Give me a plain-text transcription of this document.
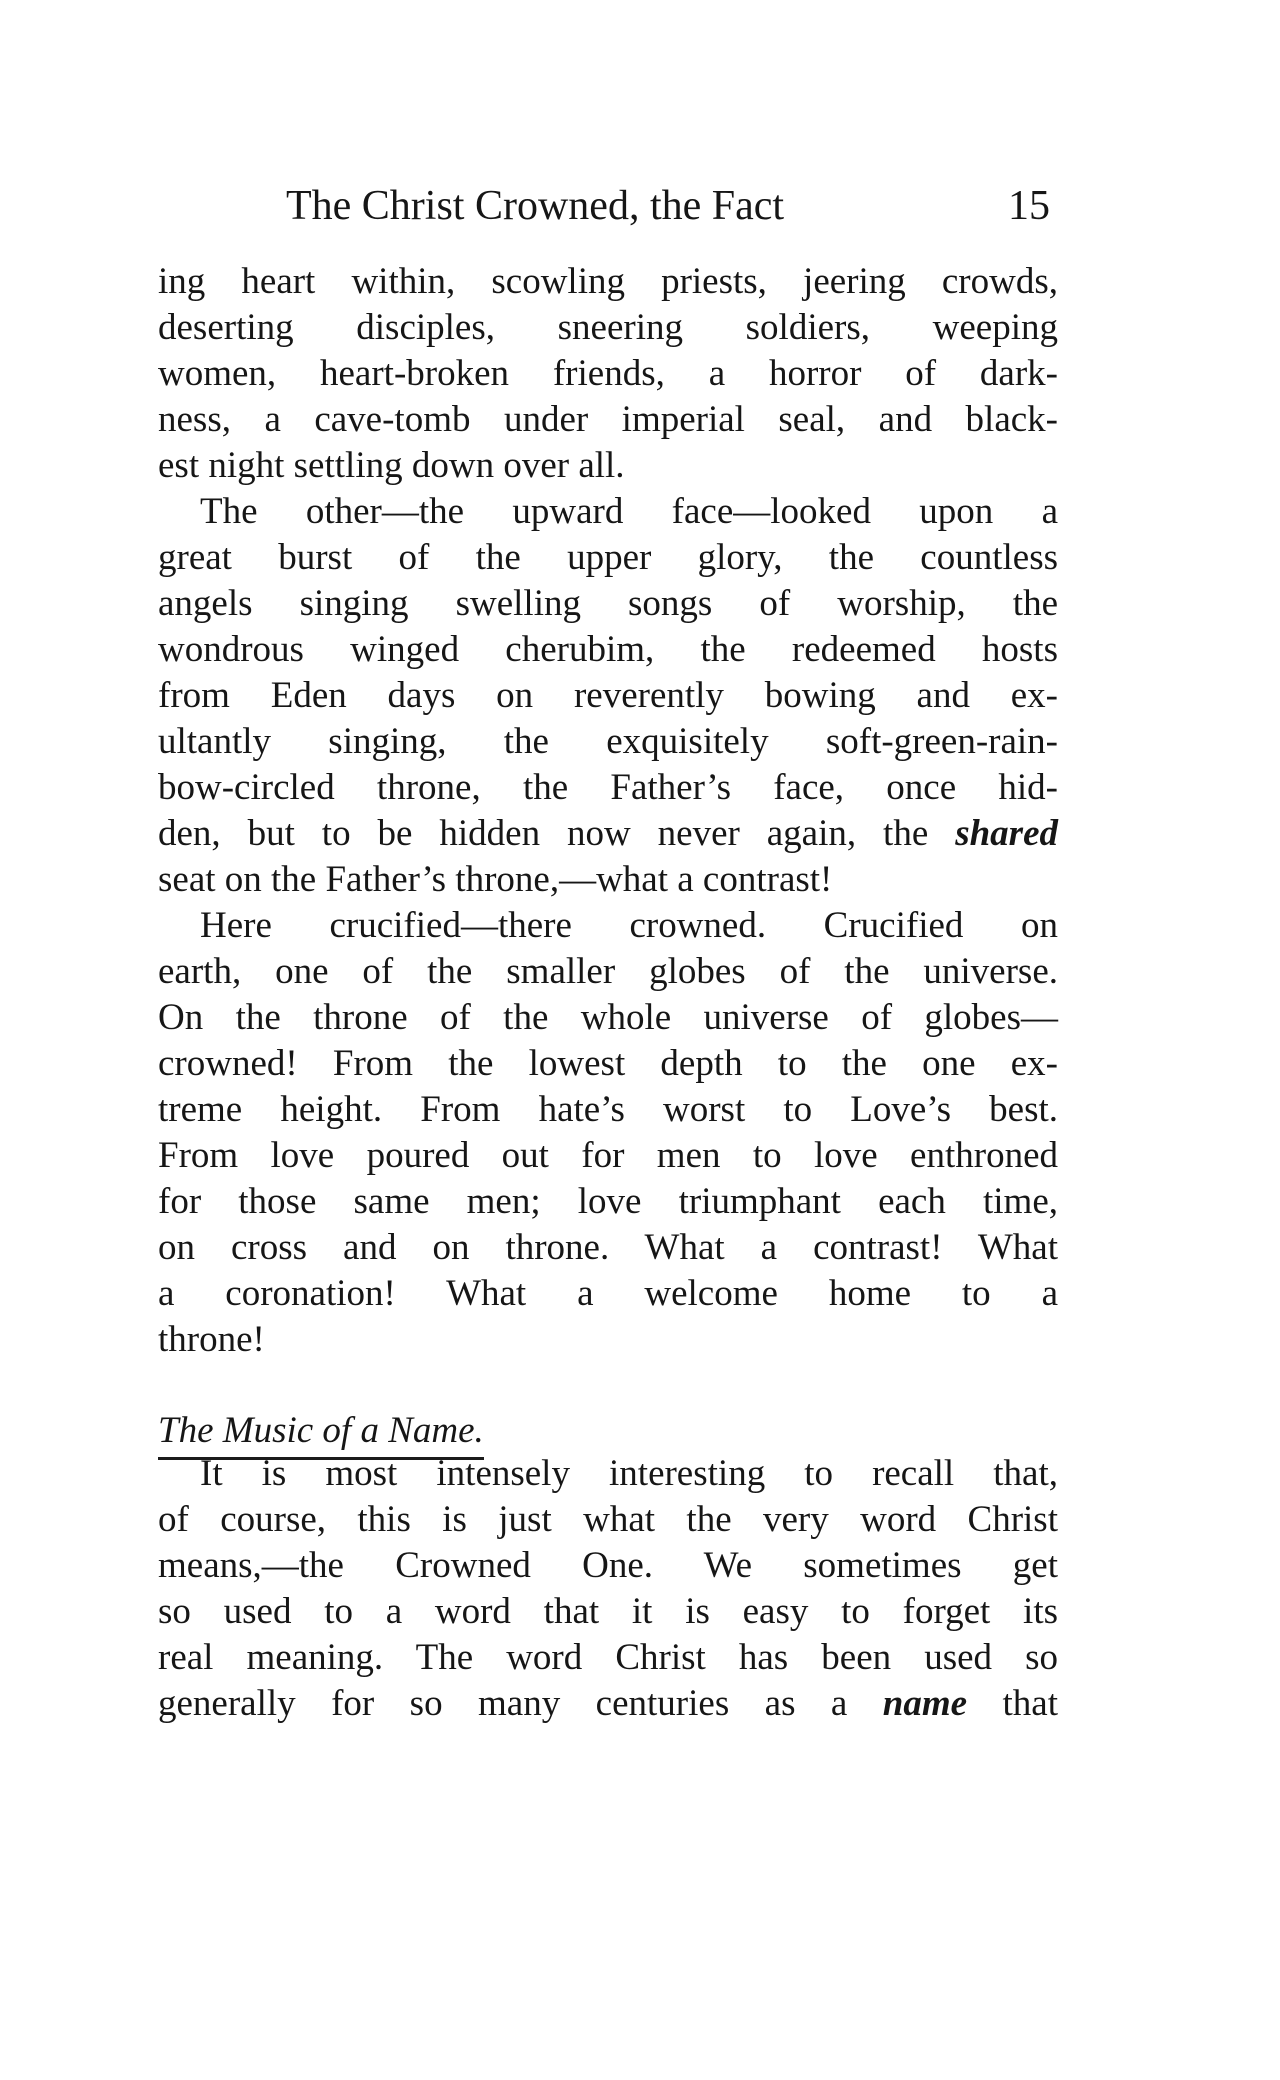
The Christ Crowned, the Fact	15
ing heart within, scowling priests, jeering crowds,
deserting disciples, sneering soldiers, weeping
women, heart-broken friends, a horror of dark-
ness, a cave-tomb under imperial seal, and black-
est night settling down over all.
The other—the upward face—looked upon a
great burst of the upper glory, the countless
angels singing swelling songs of worship, the
wondrous winged cherubim, the redeemed hosts
from Eden days on reverently bowing and ex-
ultantly singing, the exquisitely soft-green-rain-
bow-circled throne, the Father’s face, once hid-
den, but to be hidden now never again, the shared
seat on the Father’s throne,—what a contrast!
Here crucified—there crowned. Crucified on
earth, one of the smaller globes of the universe.
On the throne of the whole universe of globes—
crowned! From the lowest depth to the one ex-
treme height. From hate’s worst to Love’s best.
From love poured out for men to love enthroned
for those same men; love triumphant each time,
on cross and on throne. What a contrast! What
a coronation! What a welcome home to a
throne!
The Music of a Name.
It is most intensely interesting to recall that,
of course, this is just what the very word Christ
means,—the Crowned One. We sometimes get
so used to a word that it is easy to forget its
real meaning. The word Christ has been used so
generally for so many centuries as a name that
